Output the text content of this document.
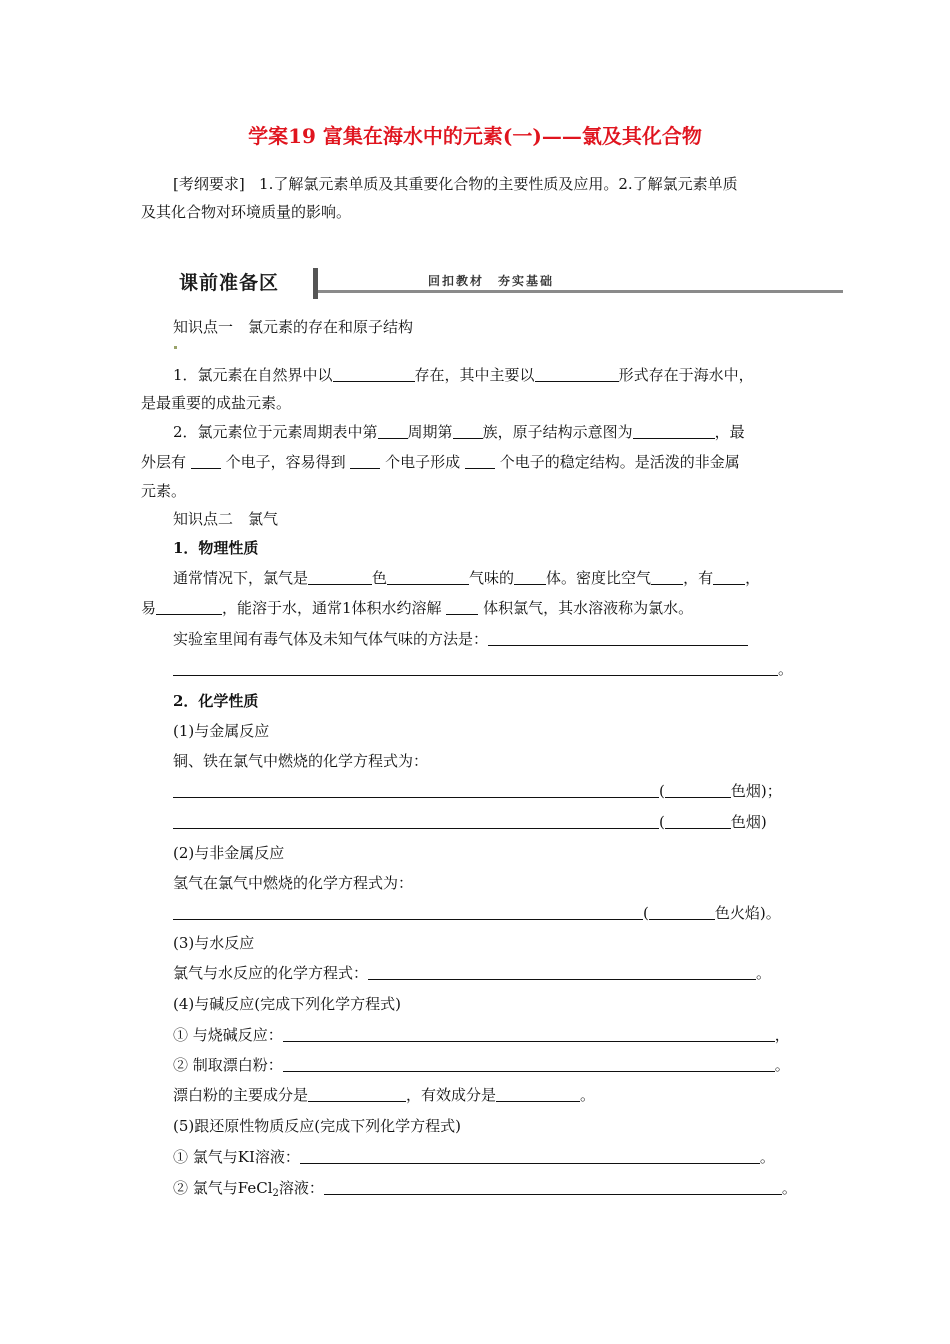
学案19 富集在海水中的元素(一)——氯及其化合物
[考纲要求] 1.了解氯元素单质及其重要化合物的主要性质及应用。2.了解氯元素单质
及其化合物对环境质量的影响。
课前准备区	回扣教材　夯实基础
知识点一　氯元素的存在和原子结构
1．氯元素在自然界中以	存在，其中主要以	形式存在于海水中，
是最重要的成盐元素。
2．氯元素位于元素周期表中第 周期第 族，原子结构示意图为	，最
外层有	个电子，容易得到	个电子形成	个电子的稳定结构。是活泼的非金属
元素。
知识点二　氯气
1．物理性质
通常情况下，氯气是	色	气味的 体。密度比空气 ，有 ，
易	，能溶于水，通常1体积水约溶解	体积氯气，其水溶液称为氯水。
实验室里闻有毒气体及未知气体气味的方法是：
。
2．化学性质
(1)与金属反应
铜、铁在氯气中燃烧的化学方程式为：
(	色烟)；
(	色烟)
(2)与非金属反应
氢气在氯气中燃烧的化学方程式为：
(	色火焰)。
(3)与水反应
氯气与水反应的化学方程式：	。
(4)与碱反应(完成下列化学方程式)
① 与烧碱反应：	，
② 制取漂白粉：	。
漂白粉的主要成分是	，有效成分是	。
(5)跟还原性物质反应(完成下列化学方程式)
① 氯气与KI溶液：	。
② 氯气与FeCl$_2$溶液：	。
